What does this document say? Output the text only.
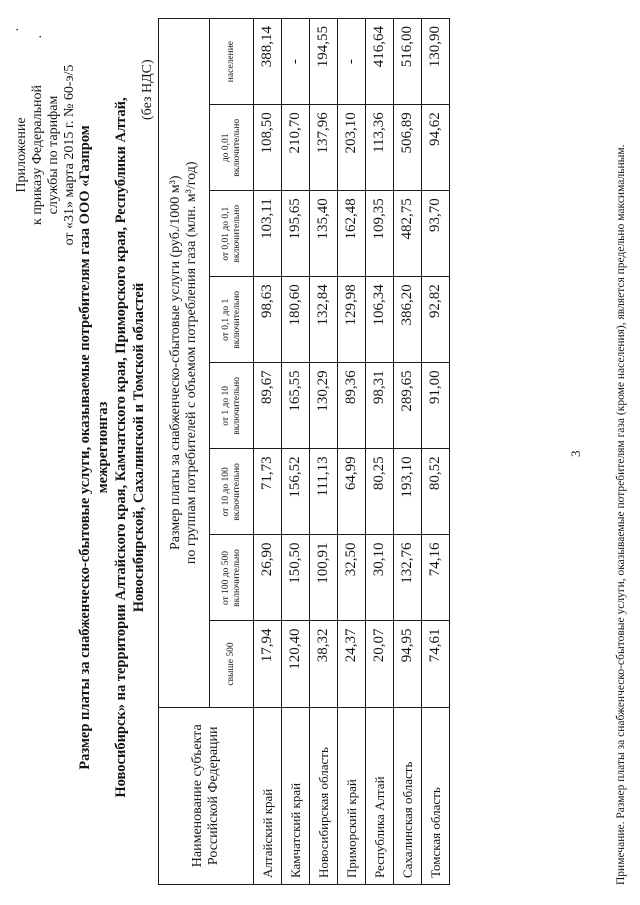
·
·
Приложение к приказу Федеральной службы по тарифам от «31» марта 2015 г. № 60-э/5 Размер платы за снабженческо-сбытовые услуги, оказываемые потребителям газа ООО «Газпром межрегионгаз Новосибирск» на территории Алтайского края, Камчатского края, Приморского края, Республики Алтай, Новосибирской, Сахалинской и Томской областей
(без НДС)
Наименование субъекта Российской Федерации	Размер платы за снабженческо-сбытовые услуги (руб./1000 м³) по группам потребителей с объемом потребления газа (млн. м³/год)							

	свыше 500	от 100 до 500 включительно	от 10 до 100 включительно	от 1 до 10 включительно	от 0,1 до 1 включительно	от 0,01 до 0,1 включительно	до 0,01 включительно	население
Алтайский край	17,94	26,90	71,73	89,67	98,63	103,11	108,50	388,14
Камчатский край	120,40	150,50	156,52	165,55	180,60	195,65	210,70	-
Новосибирская область	38,32	100,91	111,13	130,29	132,84	135,40	137,96	194,55
Приморский край	24,37	32,50	64,99	89,36	129,98	162,48	203,10	-
Республика Алтай	20,07	30,10	80,25	98,31	106,34	109,35	113,36	416,64
Сахалинская область	94,95	132,76	193,10	289,65	386,20	482,75	506,89	516,00
Томская область	74,61	74,16	80,52	91,00	92,82	93,70	94,62	130,90
3	Примечание. Размер платы за снабженческо-сбытовые услуги, оказываемые потребителям газа (кроме населения), является предельно максимальным.
